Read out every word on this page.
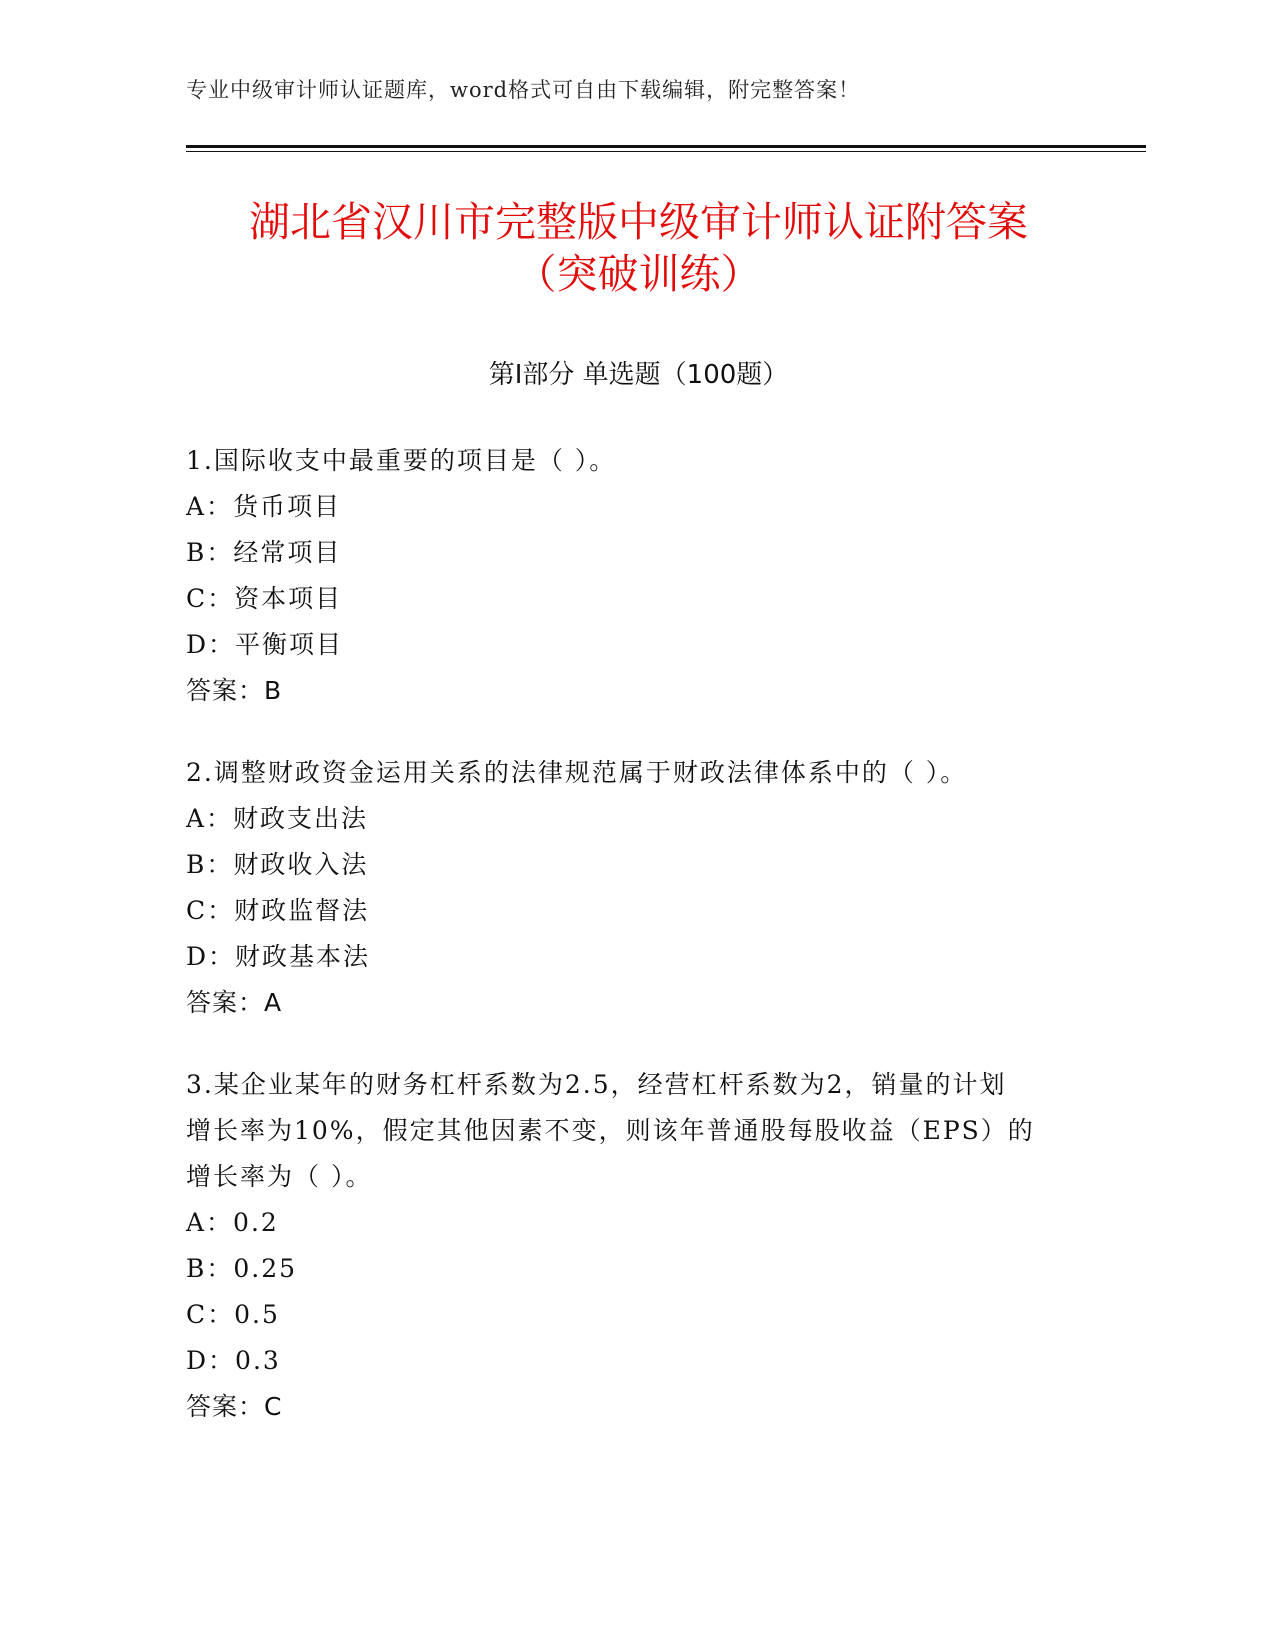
专业中级审计师认证题库，word格式可自由下载编辑，附完整答案！
湖北省汉川市完整版中级审计师认证附答案
（突破训练）
第Ⅰ部分 单选题（100题）
1.国际收支中最重要的项目是（ ）。
A：货币项目
B：经常项目
C：资本项目
D：平衡项目
答案：B
2.调整财政资金运用关系的法律规范属于财政法律体系中的（ ）。
A：财政支出法
B：财政收入法
C：财政监督法
D：财政基本法
答案：A
3.某企业某年的财务杠杆系数为2.5，经营杠杆系数为2，销量的计划
增长率为10%，假定其他因素不变，则该年普通股每股收益（EPS）的
增长率为（ ）。
A：0.2
B：0.25
C：0.5
D：0.3
答案：C
